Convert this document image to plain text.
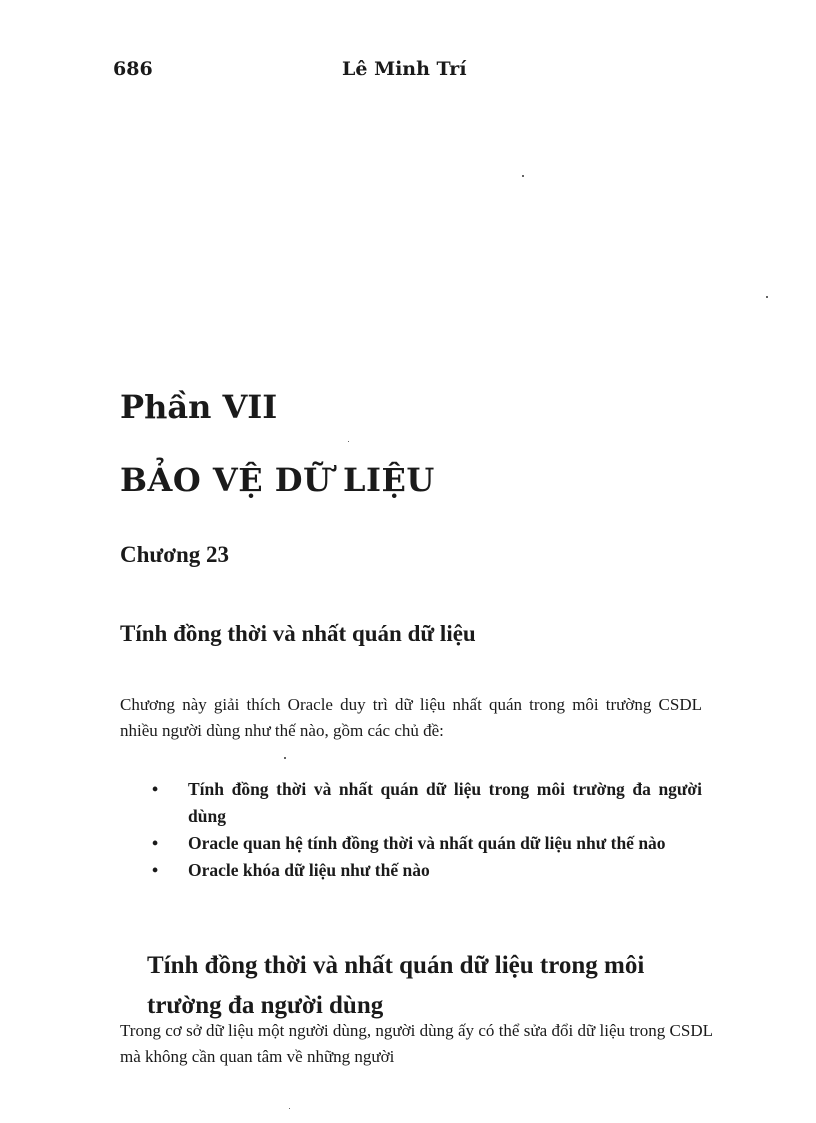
686	Lê Minh Trí
Phần VII
BẢO VỆ DỮ LIỆU
Chương 23
Tính đồng thời và nhất quán dữ liệu

Chương này giải thích Oracle duy trì dữ liệu nhất quán trong môi trường CSDL nhiều người dùng như thế nào, gồm các chủ đề:

• Tính đồng thời và nhất quán dữ liệu trong môi trường đa người dùng
• Oracle quan hệ tính đồng thời và nhất quán dữ liệu như thế nào
• Oracle khóa dữ liệu như thế nào
Tính đồng thời và nhất quán dữ liệu trong môi trường đa người dùng

Trong cơ sở dữ liệu một người dùng, người dùng ấy có thể sửa đổi dữ liệu trong CSDL mà không cần quan tâm về những người
